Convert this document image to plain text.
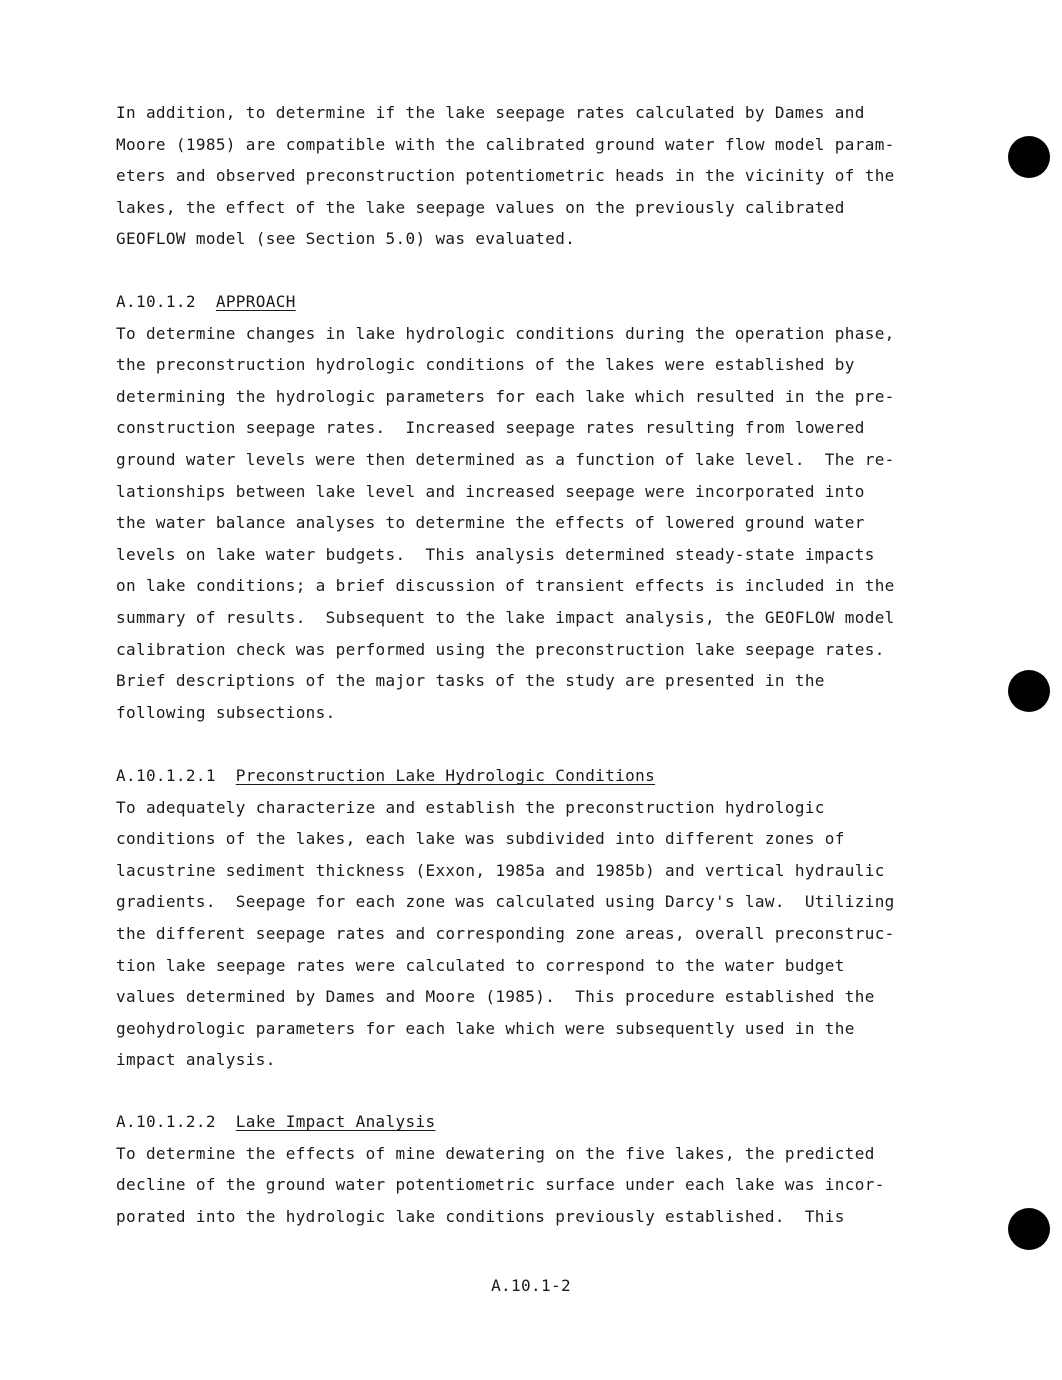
In addition, to determine if the lake seepage rates calculated by Dames and
Moore (1985) are compatible with the calibrated ground water flow model param-
eters and observed preconstruction potentiometric heads in the vicinity of the
lakes, the effect of the lake seepage values on the previously calibrated
GEOFLOW model (see Section 5.0) was evaluated.
A.10.1.2 APPROACH
To determine changes in lake hydrologic conditions during the operation phase,
the preconstruction hydrologic conditions of the lakes were established by
determining the hydrologic parameters for each lake which resulted in the pre-
construction seepage rates.  Increased seepage rates resulting from lowered
ground water levels were then determined as a function of lake level.  The re-
lationships between lake level and increased seepage were incorporated into
the water balance analyses to determine the effects of lowered ground water
levels on lake water budgets.  This analysis determined steady-state impacts
on lake conditions; a brief discussion of transient effects is included in the
summary of results.  Subsequent to the lake impact analysis, the GEOFLOW model
calibration check was performed using the preconstruction lake seepage rates.
Brief descriptions of the major tasks of the study are presented in the
following subsections.
A.10.1.2.1 Preconstruction Lake Hydrologic Conditions
To adequately characterize and establish the preconstruction hydrologic
conditions of the lakes, each lake was subdivided into different zones of
lacustrine sediment thickness (Exxon, 1985a and 1985b) and vertical hydraulic
gradients.  Seepage for each zone was calculated using Darcy's law.  Utilizing
the different seepage rates and corresponding zone areas, overall preconstruc-
tion lake seepage rates were calculated to correspond to the water budget
values determined by Dames and Moore (1985).  This procedure established the
geohydrologic parameters for each lake which were subsequently used in the
impact analysis.
A.10.1.2.2 Lake Impact Analysis
To determine the effects of mine dewatering on the five lakes, the predicted
decline of the ground water potentiometric surface under each lake was incor-
porated into the hydrologic lake conditions previously established.  This
A.10.1-2
